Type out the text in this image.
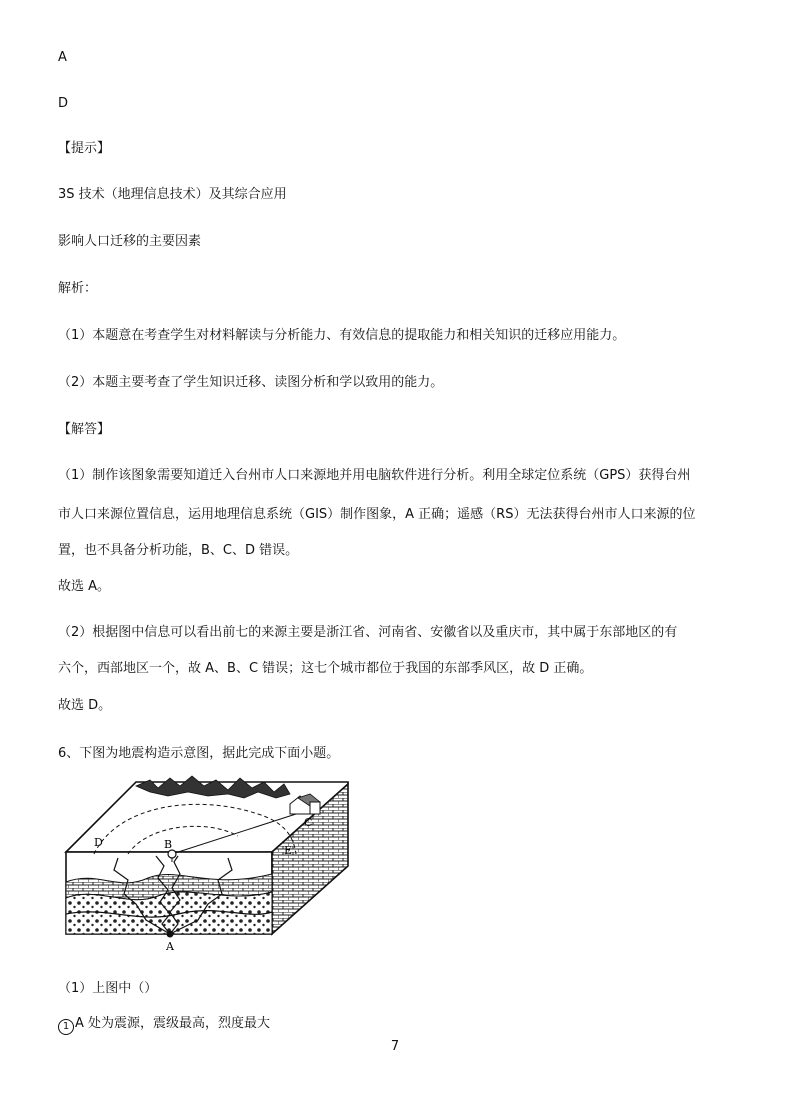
A
D
【提示】
3S 技术（地理信息技术）及其综合应用
影响人口迁移的主要因素
解析：
（1）本题意在考查学生对材料解读与分析能力、有效信息的提取能力和相关知识的迁移应用能力。
（2）本题主要考查了学生知识迁移、读图分析和学以致用的能力。
【解答】
（1）制作该图象需要知道迁入台州市人口来源地并用电脑软件进行分析。利用全球定位系统（GPS）获得台州
市人口来源位置信息，运用地理信息系统（GIS）制作图象，A 正确；遥感（RS）无法获得台州市人口来源的位
置，也不具备分析功能，B、C、D 错误。
故选 A。
（2）根据图中信息可以看出前七的来源主要是浙江省、河南省、安徽省以及重庆市，其中属于东部地区的有
六个，西部地区一个，故 A、B、C 错误；这七个城市都位于我国的东部季风区，故 D 正确。
故选 D。
6、下图为地震构造示意图，据此完成下面小题。
B
D
E
C
A
（1）上图中（）
1 A 处为震源，震级最高，烈度最大
7
